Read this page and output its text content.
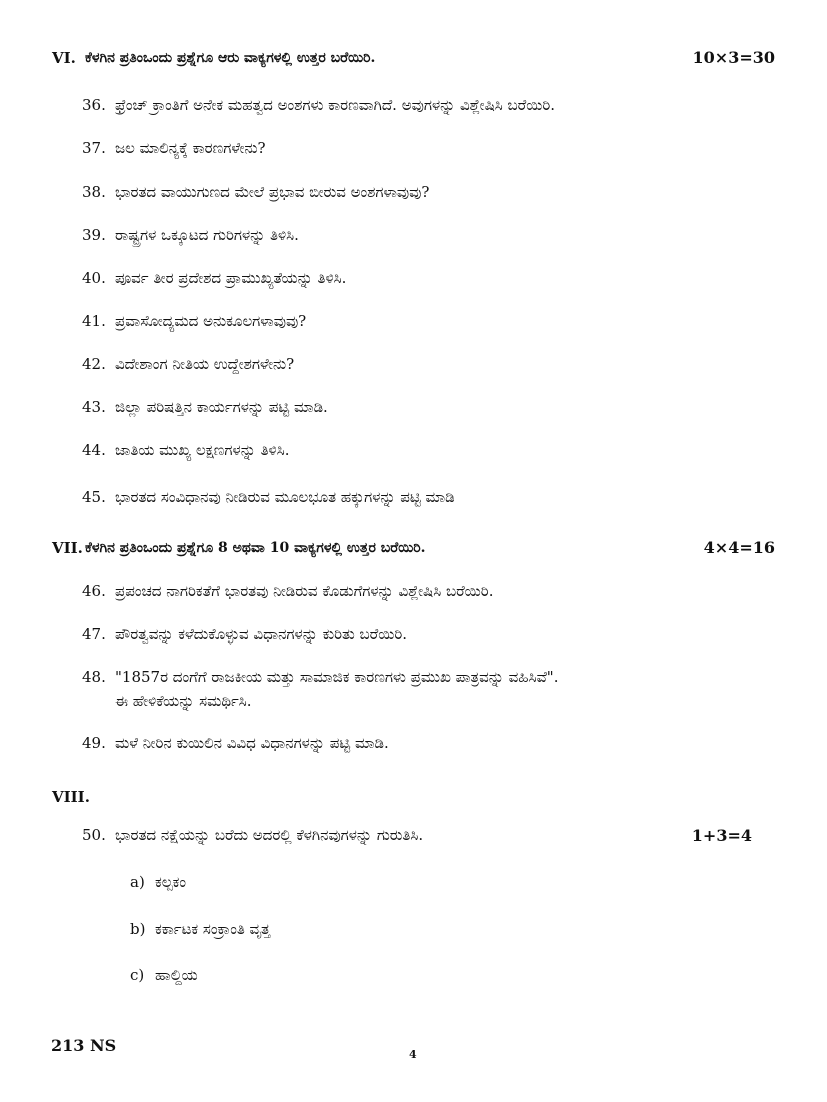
VI. ಕೆಳಗಿನ ಪ್ರತಿಂಒಂದು ಪ್ರಶ್ನೆಗೂ ಆರು ವಾಕ್ಯಗಳಲ್ಲಿ ಉತ್ತರ ಬರೆಯಿರಿ.	10×3=30
36. ಫ್ರೆಂಚ್ ಕ್ರಾಂತಿಗೆ ಅನೇಕ ಮಹತ್ವದ ಅಂಶಗಳು ಕಾರಣವಾಗಿದೆ. ಅವುಗಳನ್ನು ವಿಶ್ಲೇಷಿಸಿ ಬರೆಯಿರಿ.
37. ಜಲ ಮಾಲಿನ್ಯಕ್ಕೆ ಕಾರಣಗಳೇನು?
38. ಭಾರತದ ವಾಯುಗುಣದ ಮೇಲೆ ಪ್ರಭಾವ ಬೀರುವ ಅಂಶಗಳಾವುವು?
39. ರಾಷ್ಟ್ರಗಳ ಒಕ್ಕೂಟದ ಗುರಿಗಳನ್ನು ತಿಳಿಸಿ.
40. ಪೂರ್ವ ತೀರ ಪ್ರದೇಶದ ಪ್ರಾಮುಖ್ಯತೆಯನ್ನು ತಿಳಿಸಿ.
41. ಪ್ರವಾಸೋದ್ಯಮದ ಅನುಕೂಲಗಳಾವುವು?
42. ವಿದೇಶಾಂಗ ನೀತಿಯ ಉದ್ದೇಶಗಳೇನು?
43. ಜಿಲ್ಲಾ ಪರಿಷತ್ತಿನ ಕಾರ್ಯಗಳನ್ನು ಪಟ್ಟಿ ಮಾಡಿ.
44. ಜಾತಿಯ ಮುಖ್ಯ ಲಕ್ಷಣಗಳನ್ನು ತಿಳಿಸಿ.
45. ಭಾರತದ ಸಂವಿಧಾನವು ನೀಡಿರುವ ಮೂಲಭೂತ ಹಕ್ಕುಗಳನ್ನು ಪಟ್ಟಿ ಮಾಡಿ
VII. ಕೆಳಗಿನ ಪ್ರತಿಂಒಂದು ಪ್ರಶ್ನೆಗೂ 8 ಅಥವಾ 10 ವಾಕ್ಯಗಳಲ್ಲಿ ಉತ್ತರ ಬರೆಯಿರಿ.	4×4=16
46. ಪ್ರಪಂಚದ ನಾಗರಿಕತೆಗೆ ಭಾರತವು ನೀಡಿರುವ ಕೊಡುಗೆಗಳನ್ನು ವಿಶ್ಲೇಷಿಸಿ ಬರೆಯಿರಿ.
47. ಪೌರತ್ವವನ್ನು ಕಳೆದುಕೊಳ್ಳುವ ವಿಧಾನಗಳನ್ನು ಕುರಿತು ಬರೆಯಿರಿ.
48. "1857ರ ದಂಗೆಗೆ ರಾಜಕೀಯ ಮತ್ತು ಸಾಮಾಜಿಕ ಕಾರಣಗಳು ಪ್ರಮುಖ ಪಾತ್ರವನ್ನು ವಹಿಸಿವೆ".
ಈ ಹೇಳಿಕೆಯನ್ನು ಸಮರ್ಥಿಸಿ.
49. ಮಳೆ ನೀರಿನ ಕುಯಿಲಿನ ವಿವಿಧ ವಿಧಾನಗಳನ್ನು ಪಟ್ಟಿ ಮಾಡಿ.
VIII.
50. ಭಾರತದ ನಕ್ಷೆಯನ್ನು ಬರೆದು ಅದರಲ್ಲಿ ಕೆಳಗಿನವುಗಳನ್ನು ಗುರುತಿಸಿ.	1+3=4
a) ಕಲ್ಪಕಂ
b) ಕರ್ಕಾಟಕ ಸಂಕ್ರಾಂತಿ ವೃತ್ತ
c) ಹಾಲ್ದಿಯ
213 NS	4
